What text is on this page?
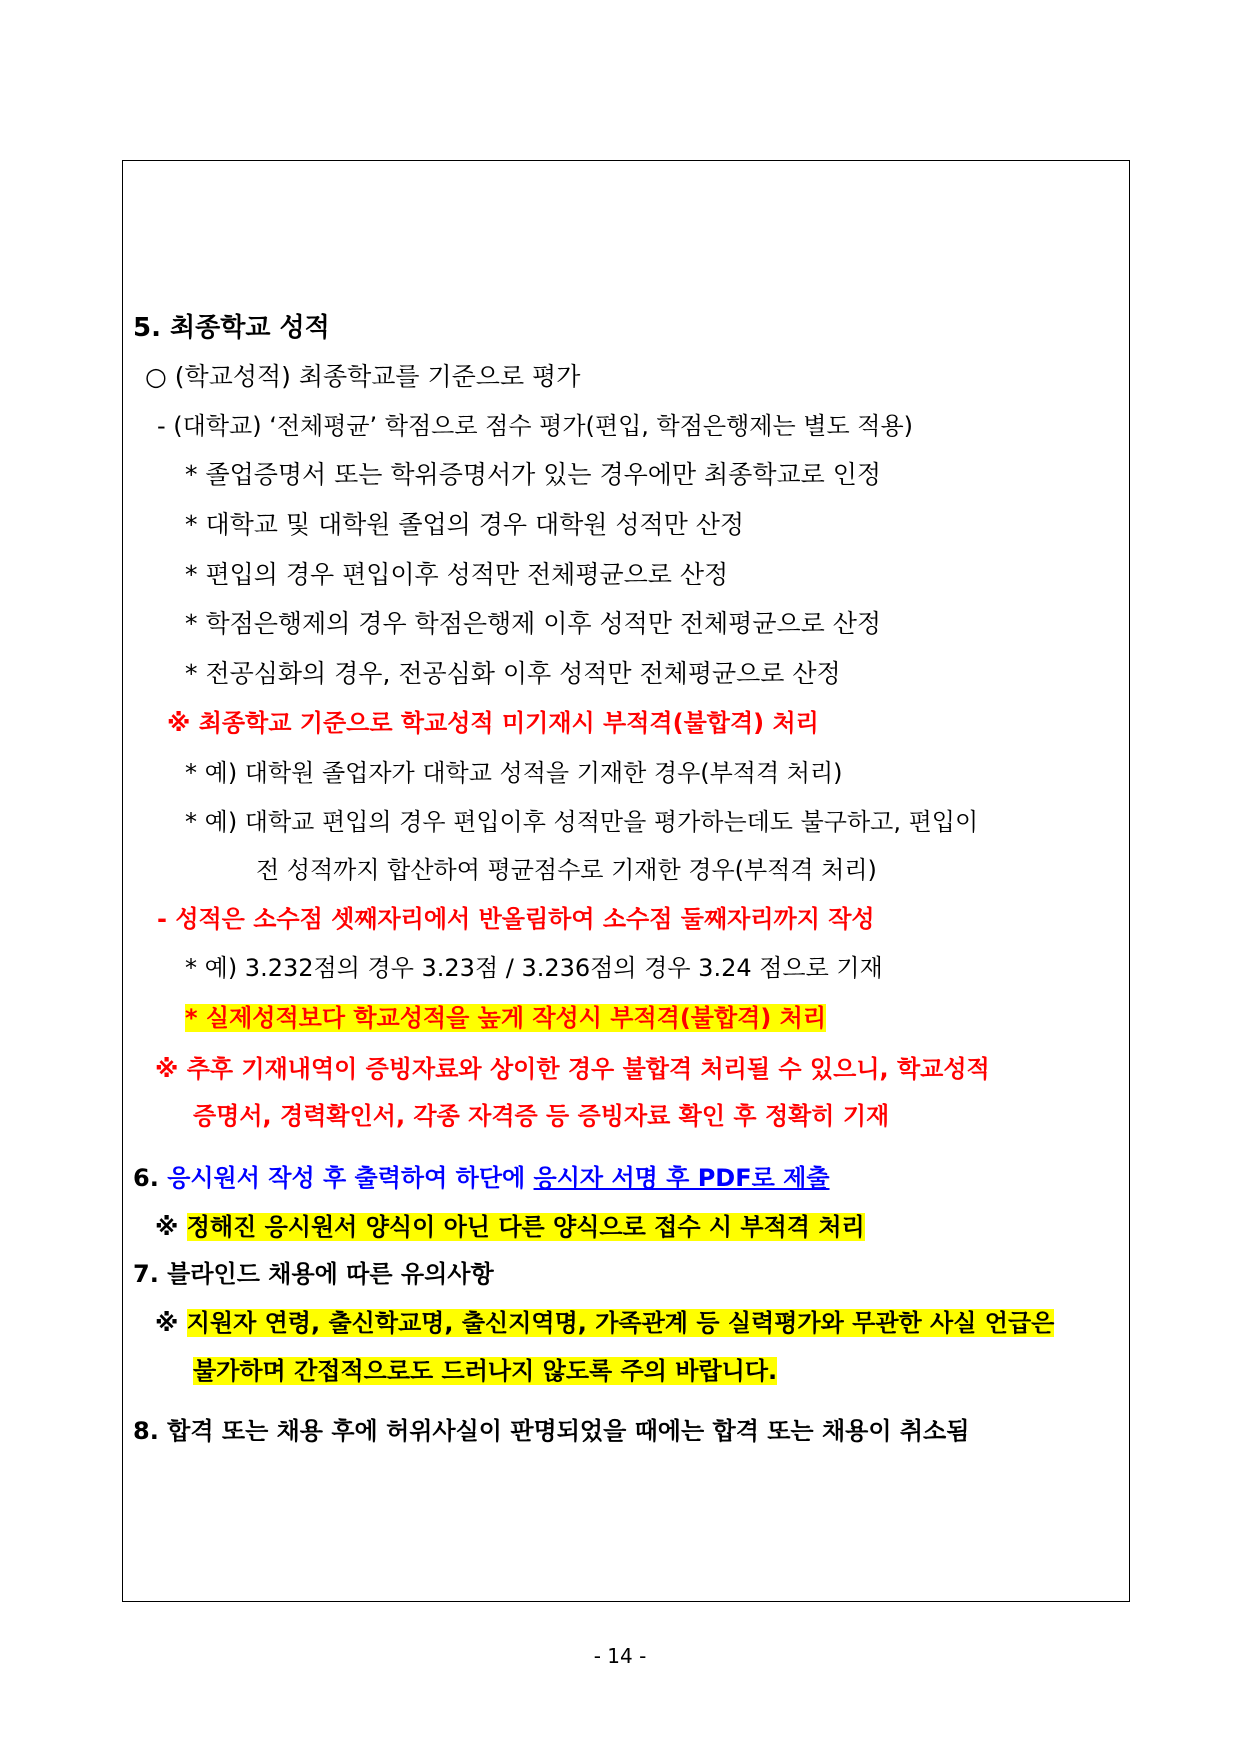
5. 최종학교 성적
○ (학교성적) 최종학교를 기준으로 평가
- (대학교) ‘전체평균’ 학점으로 점수 평가(편입, 학점은행제는 별도 적용)
* 졸업증명서 또는 학위증명서가 있는 경우에만 최종학교로 인정
* 대학교 및 대학원 졸업의 경우 대학원 성적만 산정
* 편입의 경우 편입이후 성적만 전체평균으로 산정
* 학점은행제의 경우 학점은행제 이후 성적만 전체평균으로 산정
* 전공심화의 경우, 전공심화 이후 성적만 전체평균으로 산정
※ 최종학교 기준으로 학교성적 미기재시 부적격(불합격) 처리
* 예) 대학원 졸업자가 대학교 성적을 기재한 경우(부적격 처리)
* 예) 대학교 편입의 경우 편입이후 성적만을 평가하는데도 불구하고, 편입이
전 성적까지 합산하여 평균점수로 기재한 경우(부적격 처리)
- 성적은 소수점 셋째자리에서 반올림하여 소수점 둘째자리까지 작성
* 예) 3.232점의 경우 3.23점 / 3.236점의 경우 3.24 점으로 기재
* 실제성적보다 학교성적을 높게 작성시 부적격(불합격) 처리
※ 추후 기재내역이 증빙자료와 상이한 경우 불합격 처리될 수 있으니, 학교성적
증명서, 경력확인서, 각종 자격증 등 증빙자료 확인 후 정확히 기재
6. 응시원서 작성 후 출력하여 하단에 응시자 서명 후 PDF로 제출
※ 정해진 응시원서 양식이 아닌 다른 양식으로 접수 시 부적격 처리
7. 블라인드 채용에 따른 유의사항
※ 지원자 연령, 출신학교명, 출신지역명, 가족관계 등 실력평가와 무관한 사실 언급은
불가하며 간접적으로도 드러나지 않도록 주의 바랍니다.
8. 합격 또는 채용 후에 허위사실이 판명되었을 때에는 합격 또는 채용이 취소됨
- 14 -
